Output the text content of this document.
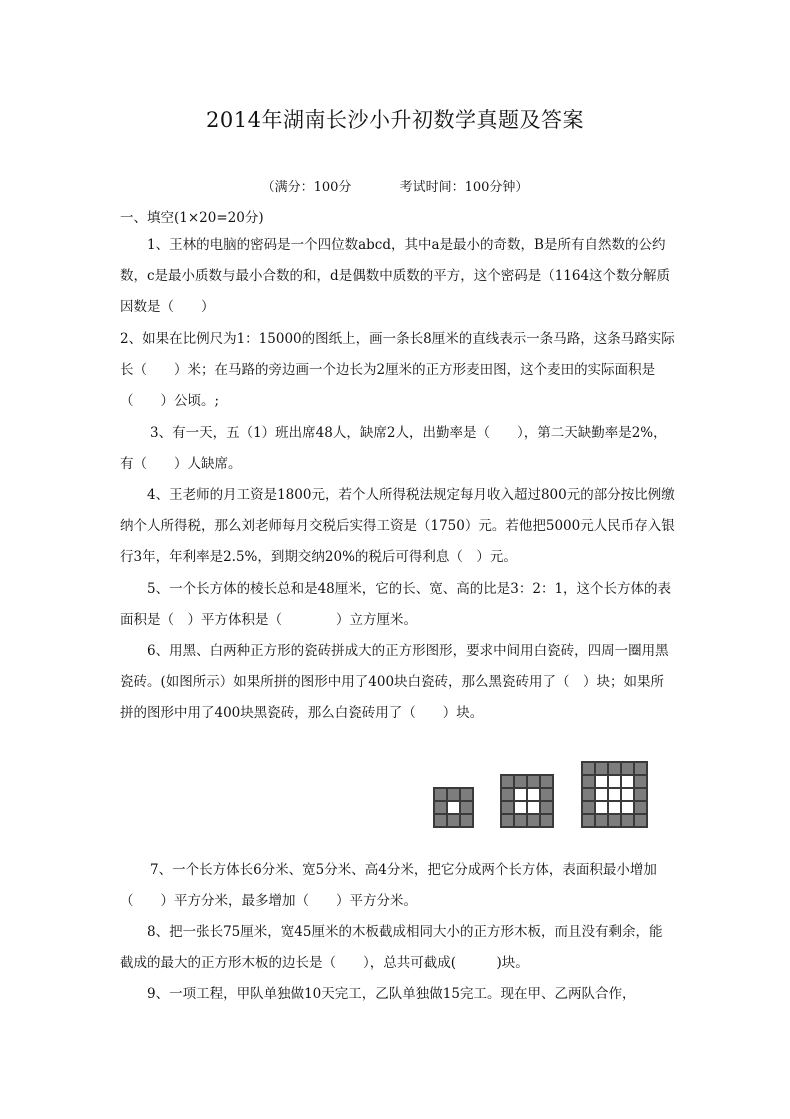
2014年湖南长沙小升初数学真题及答案
（满分：100分	考试时间：100分钟）
一、填空(1×20=20分)
1、王林的电脑的密码是一个四位数abcd，其中a是最小的奇数，B是所有自然数的公约数，c是最小质数与最小合数的和，d是偶数中质数的平方，这个密码是（1164这个数分解质因数是（　　）
2、如果在比例尺为1：15000的图纸上，画一条长8厘米的直线表示一条马路，这条马路实际长（　　）米；在马路的旁边画一个边长为2厘米的正方形麦田图，这个麦田的实际面积是（　　）公顷。;
3、有一天，五（1）班出席48人，缺席2人，出勤率是（　　），第二天缺勤率是2%，有（　　）人缺席。
4、王老师的月工资是1800元，若个人所得税法规定每月收入超过800元的部分按比例缴纳个人所得税，那么刘老师每月交税后实得工资是（1750）元。若他把5000元人民币存入银行3年，年利率是2.5%，到期交纳20%的税后可得利息（　）元。
5、一个长方体的棱长总和是48厘米，它的长、宽、高的比是3：2：1，这个长方体的表面积是（　）平方体积是（　　　　）立方厘米。
6、用黑、白两种正方形的瓷砖拼成大的正方形图形，要求中间用白瓷砖，四周一圈用黑瓷砖。(如图所示）如果所拼的图形中用了400块白瓷砖，那么黑瓷砖用了（　）块；如果所拼的图形中用了400块黑瓷砖，那么白瓷砖用了（　　）块。
7、一个长方体长6分米、宽5分米、高4分米，把它分成两个长方体，表面积最小增加（　　）平方分米，最多增加（　　）平方分米。
8、把一张长75厘米，宽45厘米的木板截成相同大小的正方形木板，而且没有剩余，能截成的最大的正方形木板的边长是（　　），总共可截成(　　　)块。
9、一项工程，甲队单独做10天完工，乙队单独做15完工。现在甲、乙两队合作，
